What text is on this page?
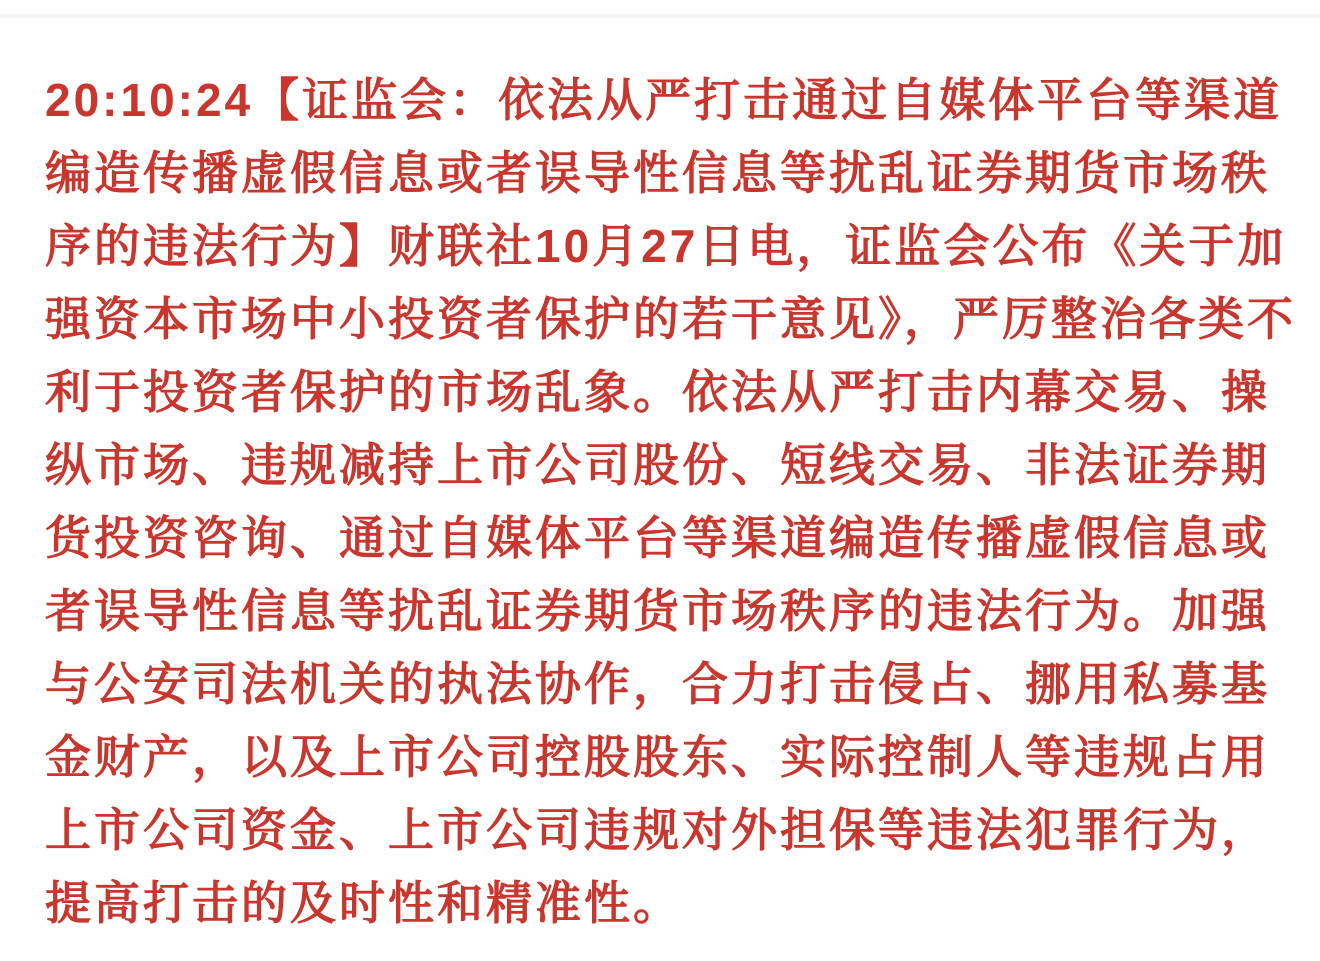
20:10:24【证监会：依法从严打击通过自媒体平台等渠道
编造传播虚假信息或者误导性信息等扰乱证券期货市场秩
序的违法行为】财联社10月27日电，证监会公布《关于加
强资本市场中小投资者保护的若干意见》，严厉整治各类不
利于投资者保护的市场乱象。依法从严打击内幕交易、操
纵市场、违规减持上市公司股份、短线交易、非法证券期
货投资咨询、通过自媒体平台等渠道编造传播虚假信息或
者误导性信息等扰乱证券期货市场秩序的违法行为。加强
与公安司法机关的执法协作，合力打击侵占、挪用私募基
金财产，以及上市公司控股股东、实际控制人等违规占用
上市公司资金、上市公司违规对外担保等违法犯罪行为，
提高打击的及时性和精准性。
